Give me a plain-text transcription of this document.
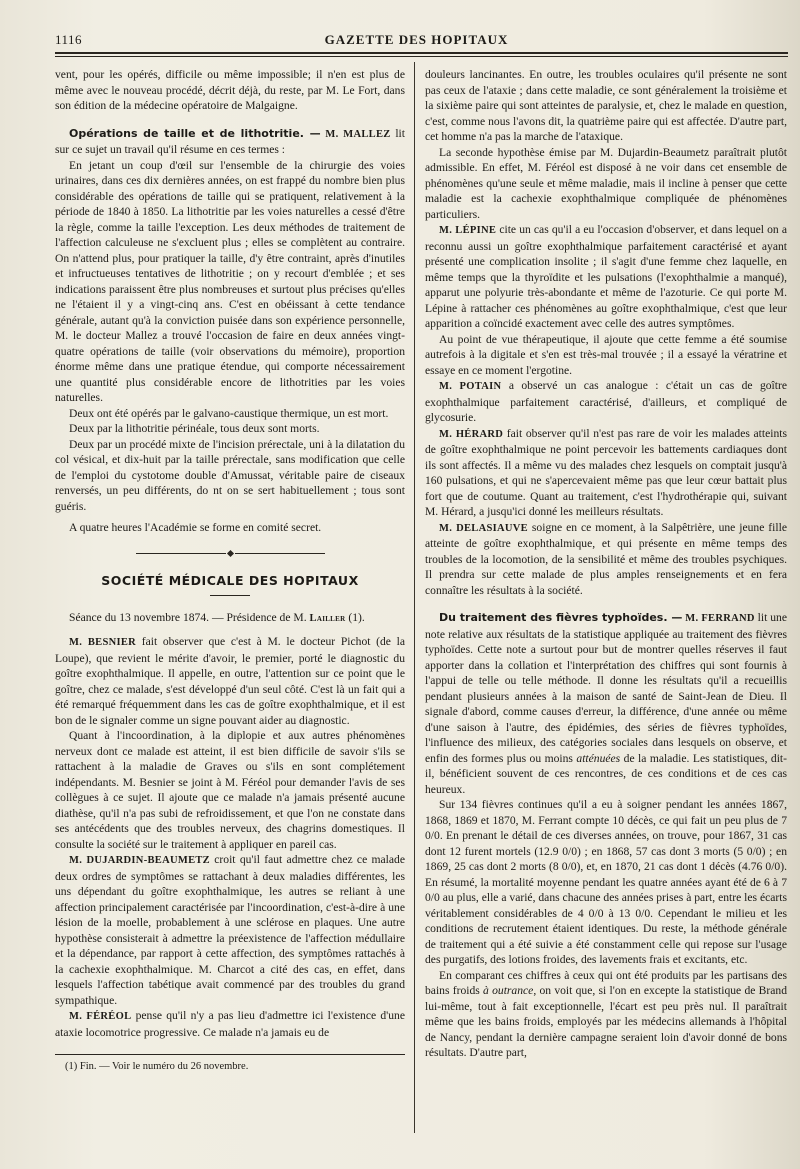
1116	GAZETTE DES HOPITAUX

vent, pour les opérés, difficile ou même impossible; il n'en est plus de même avec le nouveau procédé, décrit déjà, du reste, par M. Le Fort, dans son édition de la médecine opératoire de Malgaigne.

Opérations de taille et de lithotritie. — M. MALLEZ lit sur ce sujet un travail qu'il résume en ces termes :

En jetant un coup d'œil sur l'ensemble de la chirurgie des voies urinaires, dans ces dix dernières années, on est frappé du nombre bien plus considérable des opérations de taille qui se pratiquent, relativement à la période de 1840 à 1850. La lithotritie par les voies naturelles a cessé d'être la règle, comme la taille l'exception. Les deux méthodes de traitement de l'affection calculeuse ne s'excluent plus ; elles se complètent au contraire. On n'attend plus, pour pratiquer la taille, d'y être contraint, après d'inutiles et infructueuses tentatives de lithotritie ; on y recourt d'emblée ; et ses indications paraissent être plus nombreuses et surtout plus précises qu'elles ne l'étaient il y a vingt-cinq ans. C'est en obéissant à cette tendance générale, autant qu'à la conviction puisée dans son expérience personnelle, M. le docteur Mallez a trouvé l'occasion de faire en deux années vingt-quatre opérations de taille (voir observations du mémoire), proportion énorme même dans une pratique étendue, qui comporte nécessairement une quantité plus considérable encore de lithotrities par les voies naturelles.

Deux ont été opérés par le galvano-caustique thermique, un est mort.

Deux par la lithotritie périnéale, tous deux sont morts.

Deux par un procédé mixte de l'incision prérectale, uni à la dilatation du col vésical, et dix-huit par la taille prérectale, sans modification que celle de l'emploi du cystotome double d'Amussat, véritable paire de ciseaux renversés, un peu différents, do nt on se sert habituellement ; tous sont guéris.

A quatre heures l'Académie se forme en comité secret.

SOCIÉTÉ MÉDICALE DES HOPITAUX

Séance du 13 novembre 1874. — Présidence de M. Lailler (1).

M. BESNIER fait observer que c'est à M. le docteur Pichot (de la Loupe), que revient le mérite d'avoir, le premier, porté le diagnostic du goître exophthalmique. Il appelle, en outre, l'attention sur ce point que le goître, chez ce malade, s'est développé d'un seul côté. C'est là un fait qui a été remarqué fréquemment dans les cas de goître exophthalmique, et il est bon de le signaler comme un signe pouvant aider au diagnostic.

Quant à l'incoordination, à la diplopie et aux autres phénomènes nerveux dont ce malade est atteint, il est bien difficile de savoir s'ils se rattachent à la maladie de Graves ou s'ils en sont complétement indépendants. M. Besnier se joint à M. Féréol pour demander l'avis de ses collègues à ce sujet. Il ajoute que ce malade n'a jamais présenté aucune diathèse, qu'il n'a pas subi de refroidissement, et que l'on ne constate dans ses antécédents que des troubles nerveux, des chagrins domestiques. Il consulte la société sur le traitement à appliquer en pareil cas.

M. DUJARDIN-BEAUMETZ croit qu'il faut admettre chez ce malade deux ordres de symptômes se rattachant à deux maladies différentes, les uns dépendant du goître exophthalmique, les autres se reliant à une affection principalement caractérisée par l'incoordination, c'est-à-dire à une lésion de la moelle, probablement à une sclérose en plaques. Une autre hypothèse consisterait à admettre la préexistence de l'affection médullaire et la dépendance, par rapport à cette affection, des symptômes rattachés à la cachexie exophthalmique. M. Charcot a cité des cas, en effet, dans lesquels l'affection tabétique avait commencé par des troubles du grand sympathique.

M. FÉRÉOL pense qu'il n'y a pas lieu d'admettre ici l'existence d'une ataxie locomotrice progressive. Ce malade n'a jamais eu de

(1) Fin. — Voir le numéro du 26 novembre.

douleurs lancinantes. En outre, les troubles oculaires qu'il présente ne sont pas ceux de l'ataxie ; dans cette maladie, ce sont généralement la troisième et la sixième paire qui sont atteintes de paralysie, et, chez le malade en question, c'est, comme nous l'avons dit, la quatrième paire qui est affectée. D'autre part, cet homme n'a pas la marche de l'ataxique.

La seconde hypothèse émise par M. Dujardin-Beaumetz paraîtrait plutôt admissible. En effet, M. Féréol est disposé à ne voir dans cet ensemble de phénomènes qu'une seule et même maladie, mais il incline à penser que cette maladie est la cachexie exophthalmique compliquée de phénomènes particuliers.

M. LÉPINE cite un cas qu'il a eu l'occasion d'observer, et dans lequel on a reconnu aussi un goître exophthalmique parfaitement caractérisé et ayant présenté une complication insolite ; il s'agit d'une femme chez laquelle, en même temps que la thyroïdite et les pulsations (l'exophthalmie a manqué), apparut une polyurie très-abondante et même de l'azoturie. Ce qui porte M. Lépine à rattacher ces phénomènes au goître exophthalmique, c'est que leur apparition a coïncidé exactement avec celle des autres symptômes.

Au point de vue thérapeutique, il ajoute que cette femme a été soumise autrefois à la digitale et s'en est très-mal trouvée ; il a essayé la vératrine et essaye en ce moment l'ergotine.

M. POTAIN a observé un cas analogue : c'était un cas de goître exophthalmique parfaitement caractérisé, d'ailleurs, et compliqué de glycosurie.

M. HÉRARD fait observer qu'il n'est pas rare de voir les malades atteints de goître exophthalmique ne point percevoir les battements cardiaques dont ils sont affectés. Il a même vu des malades chez lesquels on comptait jusqu'à 160 pulsations, et qui ne s'apercevaient même pas que leur cœur battait plus fort que de coutume. Quant au traitement, c'est l'hydrothérapie qui, suivant M. Hérard, a jusqu'ici donné les meilleurs résultats.

M. DELASIAUVE soigne en ce moment, à la Salpêtrière, une jeune fille atteinte de goître exophthalmique, et qui présente en même temps des troubles de la locomotion, de la sensibilité et même des troubles psychiques. Il prendra sur cette malade de plus amples renseignements et en fera connaître les résultats à la société.

Du traitement des fièvres typhoïdes. — M. FERRAND lit une note relative aux résultats de la statistique appliquée au traitement des fièvres typhoïdes. Cette note a surtout pour but de montrer quelles réserves il faut apporter dans la collation et l'interprétation des chiffres qui sont fournis à l'appui de telle ou telle méthode. Il donne les résultats qu'il a recueillis pendant plusieurs années à la maison de santé de Saint-Jean de Dieu. Il signale d'abord, comme causes d'erreur, la différence, d'une année ou même d'une saison à l'autre, des épidémies, des séries de fièvres typhoïdes, l'influence des milieux, des catégories sociales dans lesquels on observe, et enfin des formes plus ou moins atténuées de la maladie. Les statistiques, dit-il, bénéficient souvent de ces rencontres, de ces conditions et de ces cas heureux.

Sur 134 fièvres continues qu'il a eu à soigner pendant les années 1867, 1868, 1869 et 1870, M. Ferrant compte 10 décès, ce qui fait un peu plus de 7 0/0. En prenant le détail de ces diverses années, on trouve, pour 1867, 31 cas dont 12 furent mortels (12.9 0/0) ; en 1868, 57 cas dont 3 morts (5 0/0) ; en 1869, 25 cas dont 2 morts (8 0/0), et, en 1870, 21 cas dont 1 décès (4.76 0/0). En résumé, la mortalité moyenne pendant les quatre années ayant été de 6 à 7 0/0 au plus, elle a varié, dans chacune des années prises à part, entre les écarts véritablement considérables de 4 0/0 à 13 0/0. Cependant le milieu et les conditions de recrutement étaient identiques. Du reste, la méthode générale de traitement qui a été suivie a été constamment celle qui repose sur l'usage des purgatifs, des lotions froides, des lavements frais et excitants, etc.

En comparant ces chiffres à ceux qui ont été produits par les partisans des bains froids à outrance, on voit que, si l'on en excepte la statistique de Brand lui-même, tout à fait exceptionnelle, l'écart est peu près nul. Il paraîtrait même que les bains froids, employés par les médecins allemands à l'hôpital de Nancy, pendant la dernière campagne seraient loin d'avoir donné de bons résultats. D'autre part,
